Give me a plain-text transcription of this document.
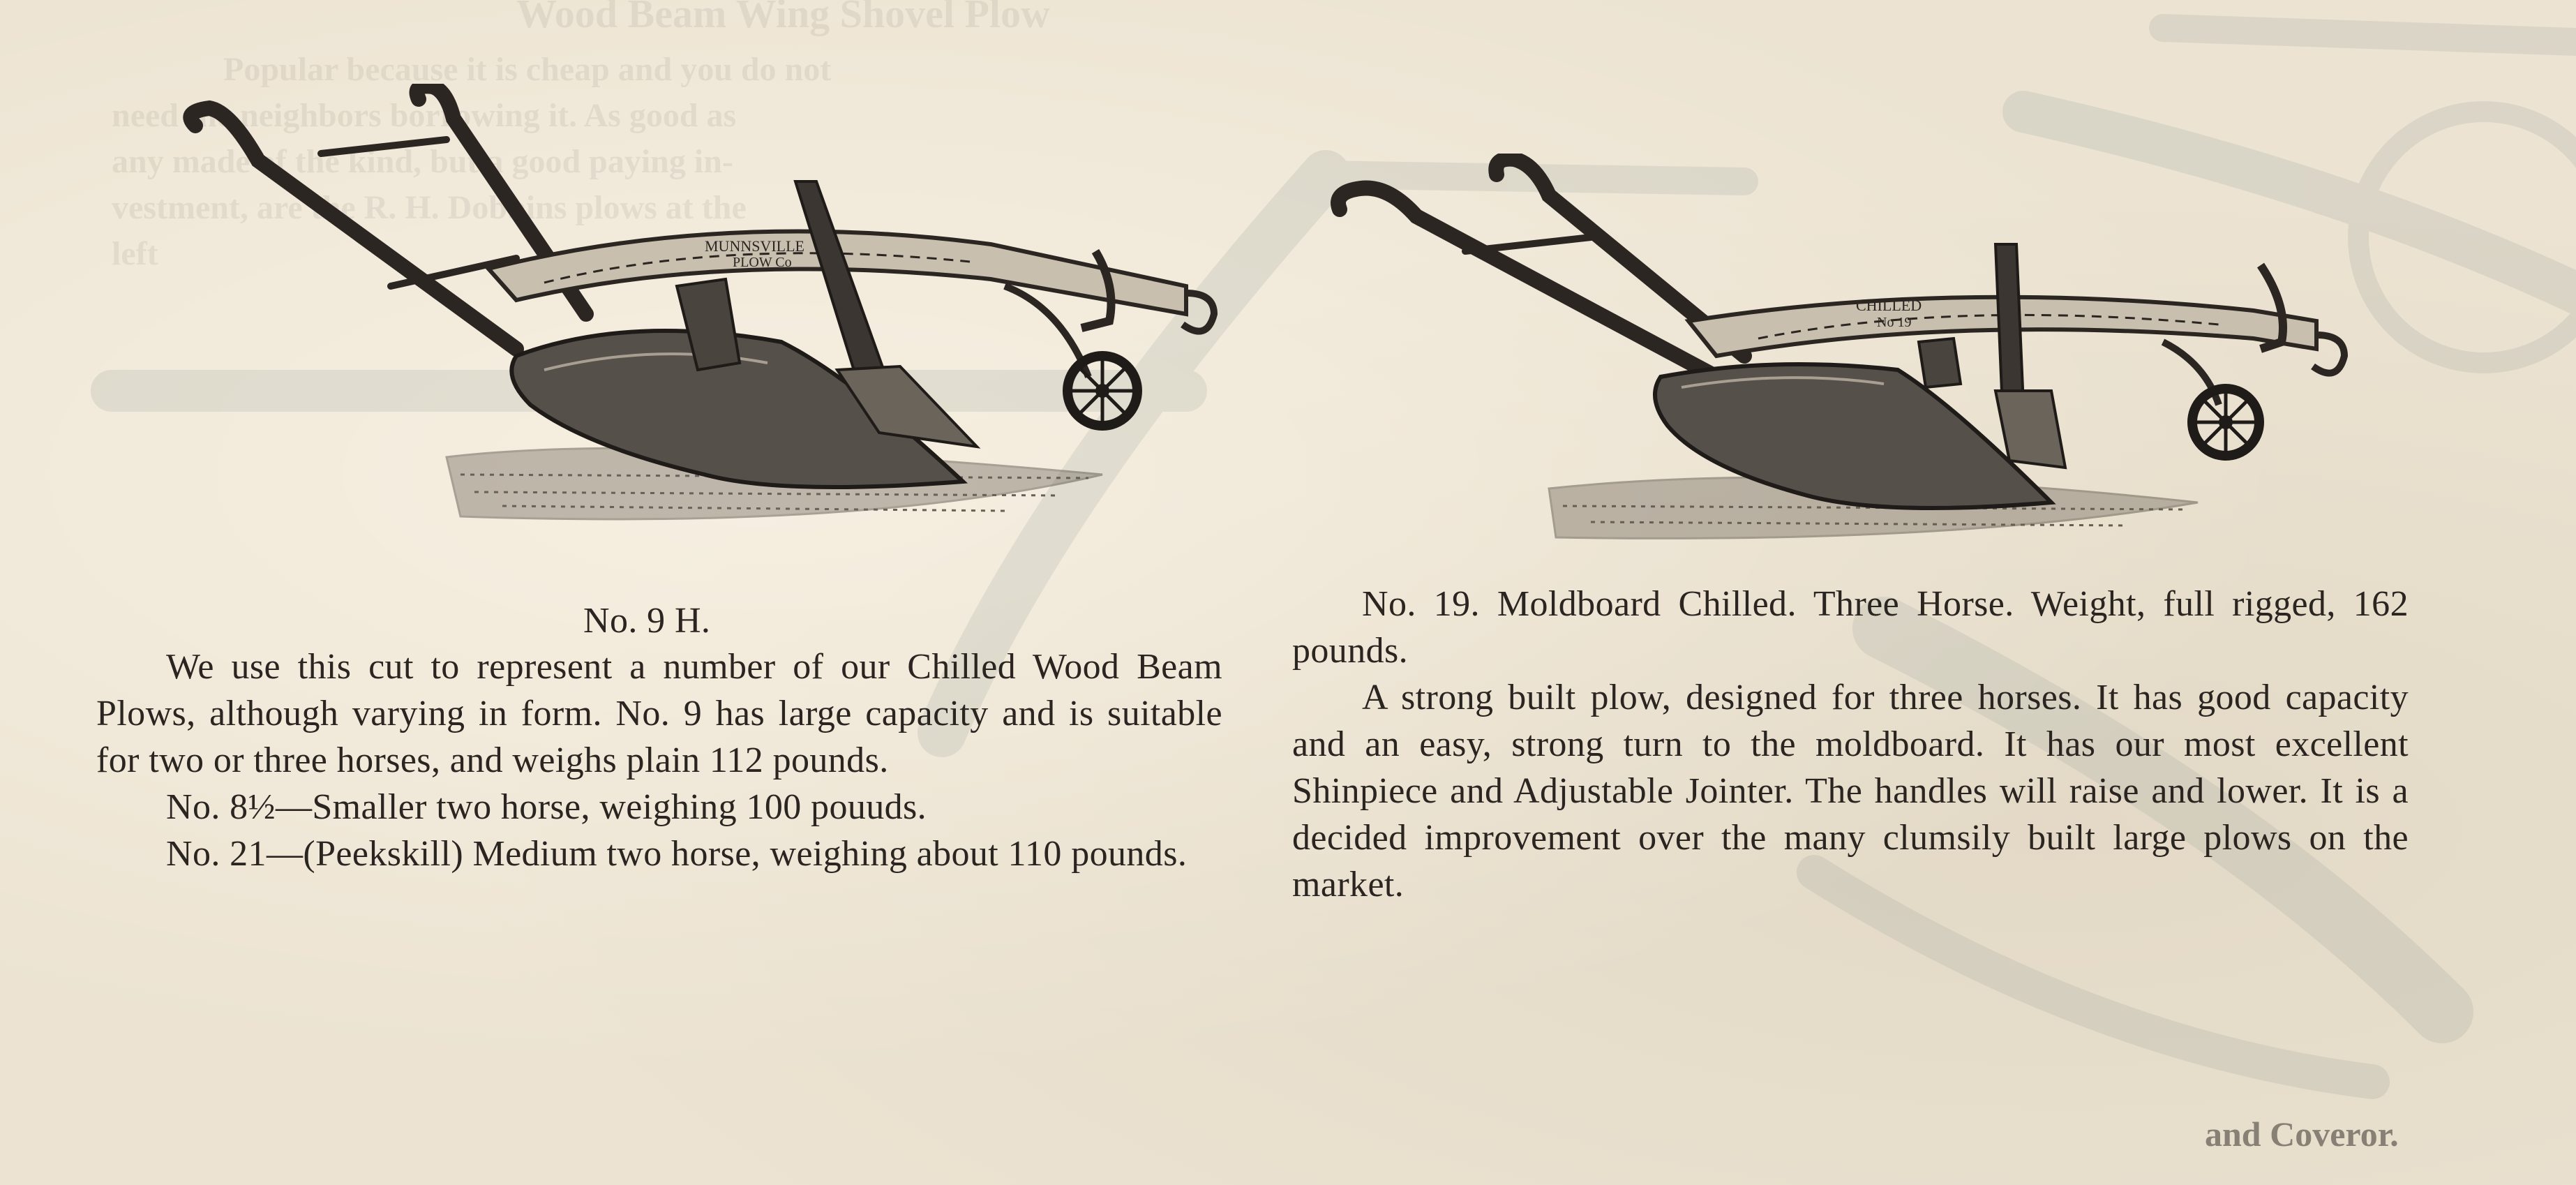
Wood Beam Wing Shovel Plow
Popular because it is cheap and you do not
need the neighbors borrowing it. As good as
any made of the kind, but a good paying in-
vestment, are the R. H. Dobbins plows at the
left
and Coveror.
MUNNSVILLE
PLOW Co
CHILLED
No 19
No. 9 H.

We use this cut to represent a number of our Chilled Wood Beam Plows, although varying in form. No. 9 has large capacity and is suitable for two or three horses, and weighs plain 112 pounds.

No. 8½—Smaller two horse, weighing 100 pouuds.

No. 21—(Peekskill) Medium two horse, weighing about 110 pounds.

No. 19. Moldboard Chilled. Three Horse. Weight, full rigged, 162 pounds.

A strong built plow, designed for three horses. It has good capacity and an easy, strong turn to the moldboard. It has our most excellent Shinpiece and Adjustable Jointer. The handles will raise and lower. It is a decided improvement over the many clumsily built large plows on the market.
